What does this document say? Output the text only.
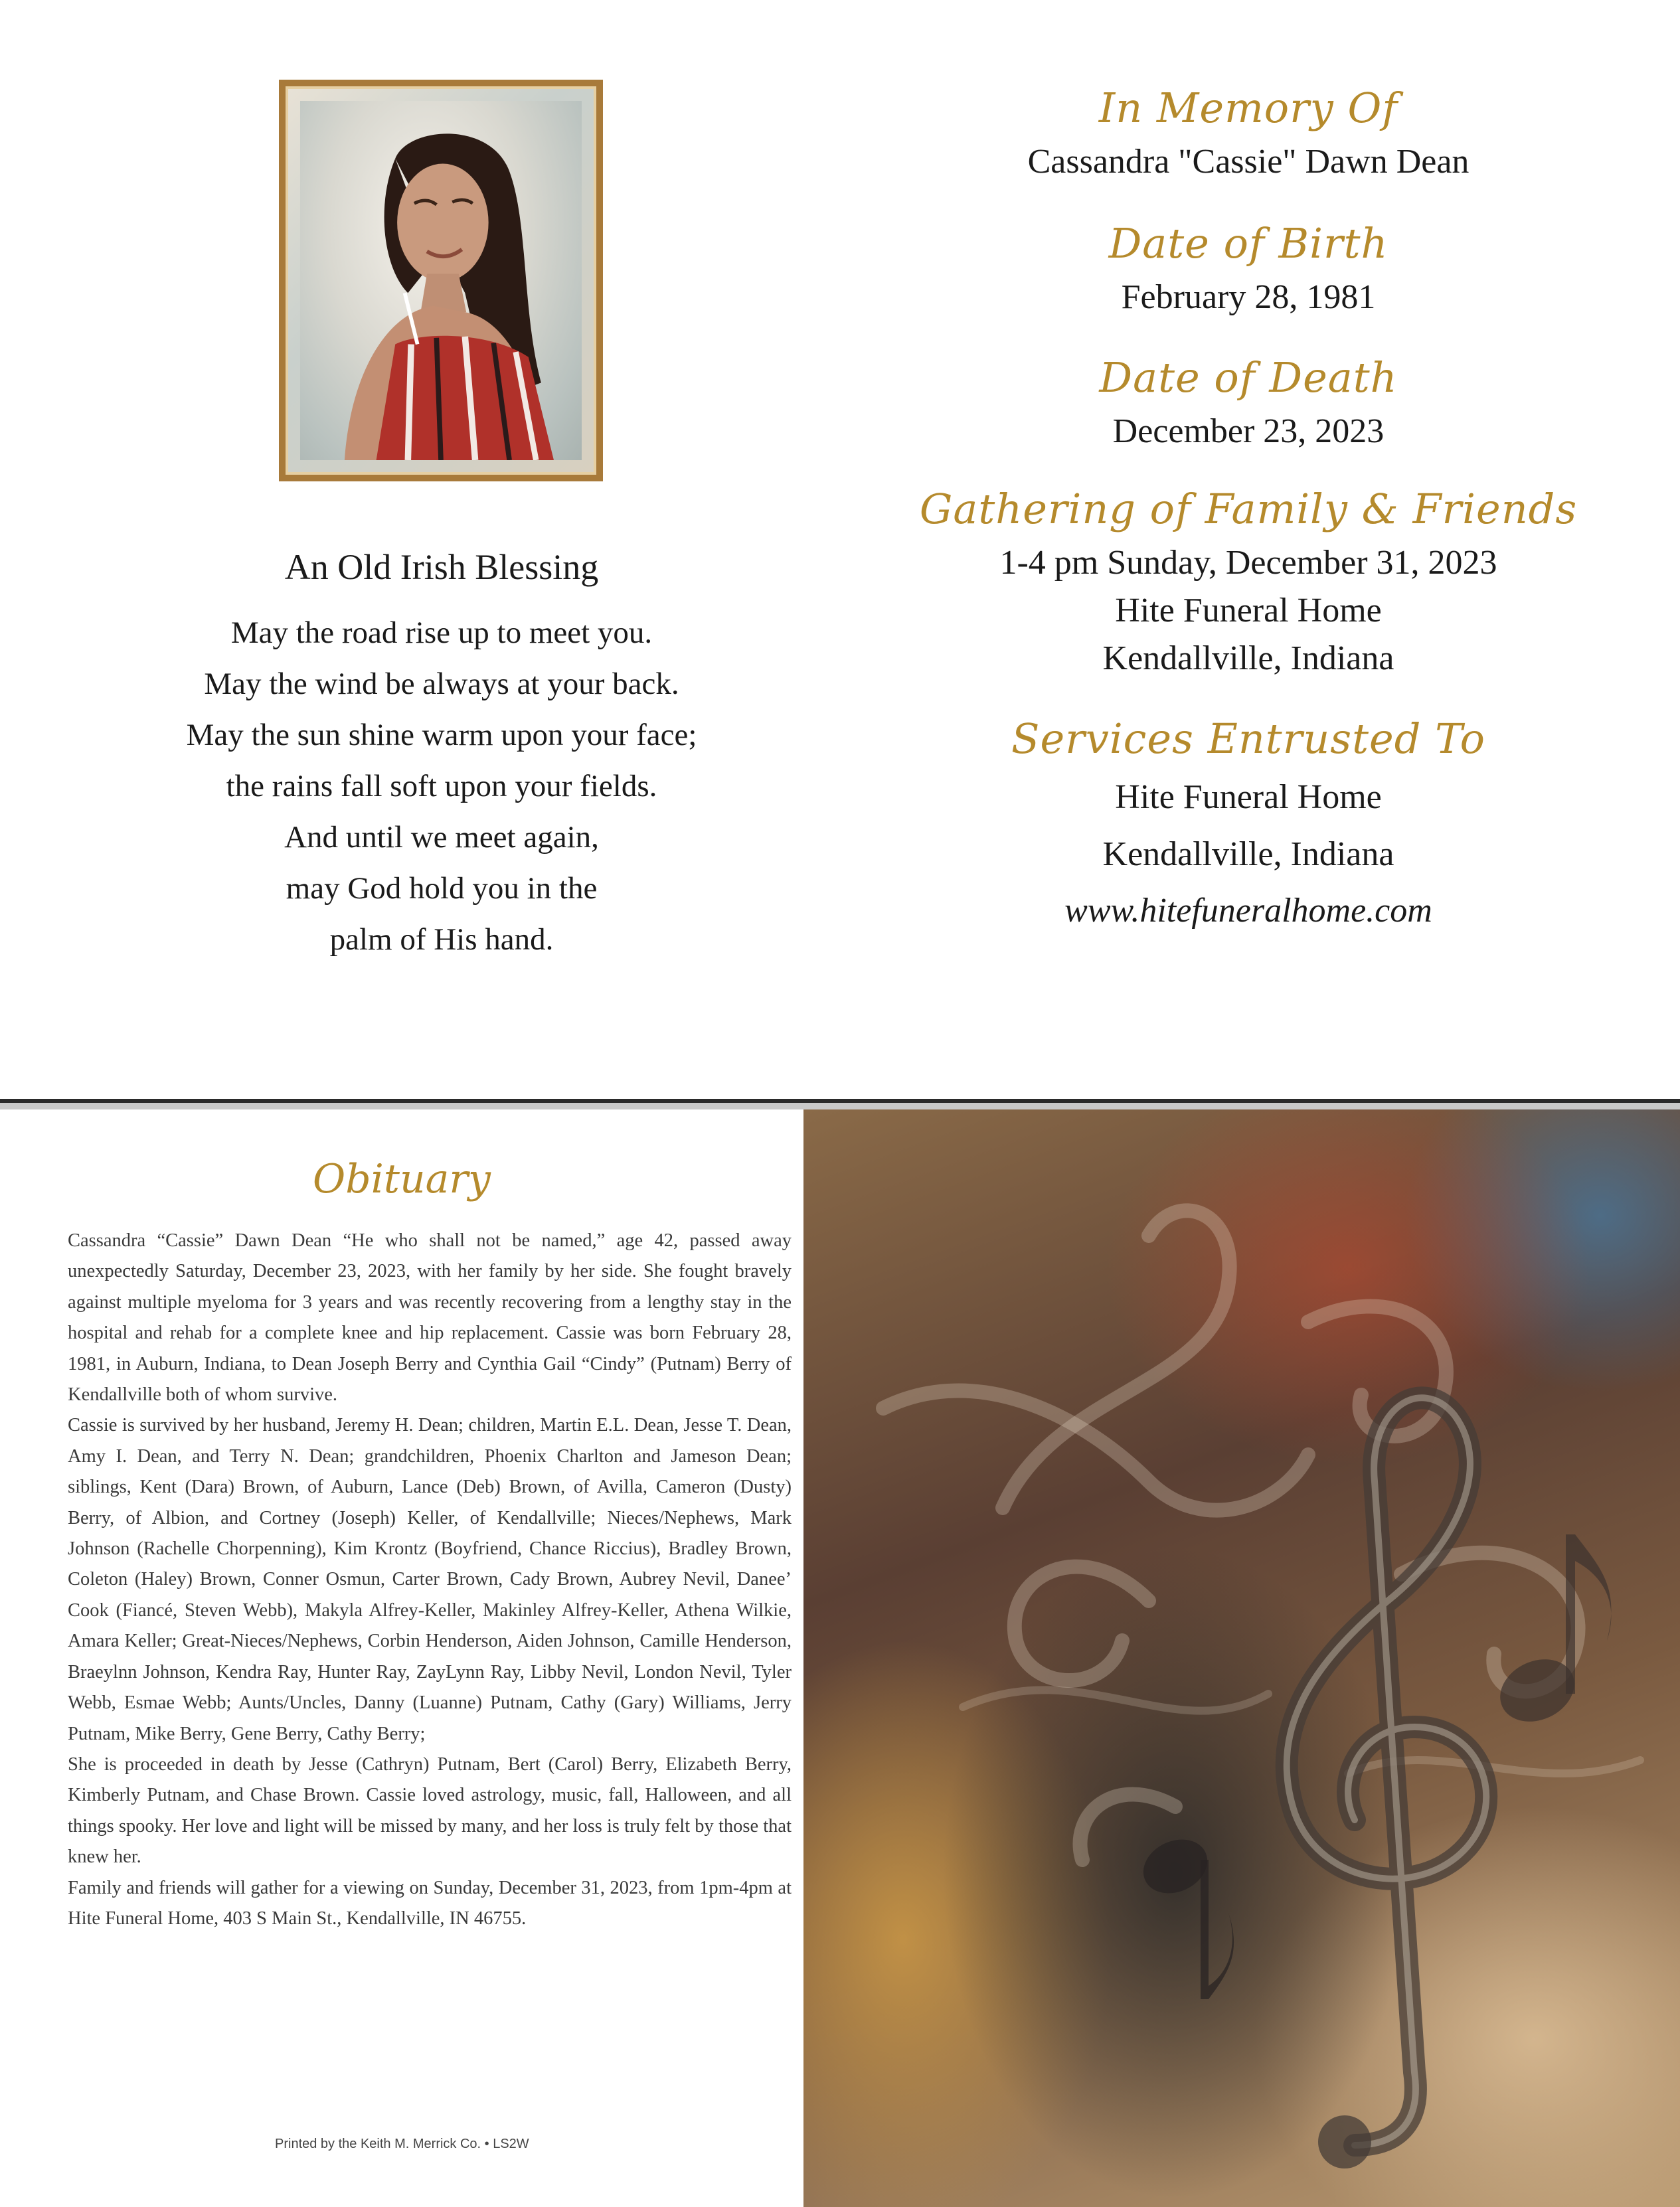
An Old Irish Blessing
May the road rise up to meet you.
May the wind be always at your back.
May the sun shine warm upon your face;
the rains fall soft upon your fields.
And until we meet again,
may God hold you in the
palm of His hand.
In Memory Of
Cassandra "Cassie" Dawn Dean
Date of Birth
February 28, 1981
Date of Death
December 23, 2023
Gathering of Family & Friends
1-4 pm Sunday, December 31, 2023
Hite Funeral Home
Kendallville, Indiana
Services Entrusted To
Hite Funeral Home
Kendallville, Indiana
www.hitefuneralhome.com
Obituary

Cassandra “Cassie” Dawn Dean “He who shall not be named,” age 42, passed away unexpectedly Saturday, December 23, 2023, with her family by her side. She fought bravely against multiple myeloma for 3 years and was recently recovering from a lengthy stay in the hospital and rehab for a complete knee and hip replacement. Cassie was born February 28, 1981, in Auburn, Indiana, to Dean Joseph Berry and Cynthia Gail “Cindy” (Putnam) Berry of Kendallville both of whom survive.

Cassie is survived by her husband, Jeremy H. Dean; children, Martin E.L. Dean, Jesse T. Dean, Amy I. Dean, and Terry N. Dean; grandchildren, Phoenix Charlton and Jameson Dean; siblings, Kent (Dara) Brown, of Auburn, Lance (Deb) Brown, of Avilla, Cameron (Dusty) Berry, of Albion, and Cortney (Joseph) Keller, of Kendallville; Nieces/Nephews, Mark Johnson (Rachelle Chorpenning), Kim Krontz (Boyfriend, Chance Riccius), Bradley Brown, Coleton (Haley) Brown, Conner Osmun, Carter Brown, Cady Brown, Aubrey Nevil, Danee’ Cook (Fiancé, Steven Webb), Makyla Alfrey-Keller, Makinley Alfrey-Keller, Athena Wilkie, Amara Keller; Great-Nieces/Nephews, Corbin Henderson, Aiden Johnson, Camille Henderson, Braeylnn Johnson, Kendra Ray, Hunter Ray, ZayLynn Ray, Libby Nevil, London Nevil, Tyler Webb, Esmae Webb; Aunts/Uncles, Danny (Luanne) Putnam, Cathy (Gary) Williams, Jerry Putnam, Mike Berry, Gene Berry, Cathy Berry;

She is proceeded in death by Jesse (Cathryn) Putnam, Bert (Carol) Berry, Elizabeth Berry, Kimberly Putnam, and Chase Brown. Cassie loved astrology, music, fall, Halloween, and all things spooky. Her love and light will be missed by many, and her loss is truly felt by those that knew her.

Family and friends will gather for a viewing on Sunday, December 31, 2023, from 1pm-4pm at Hite Funeral Home, 403 S Main St., Kendallville, IN 46755.

Printed by the Keith M. Merrick Co. • LS2W
